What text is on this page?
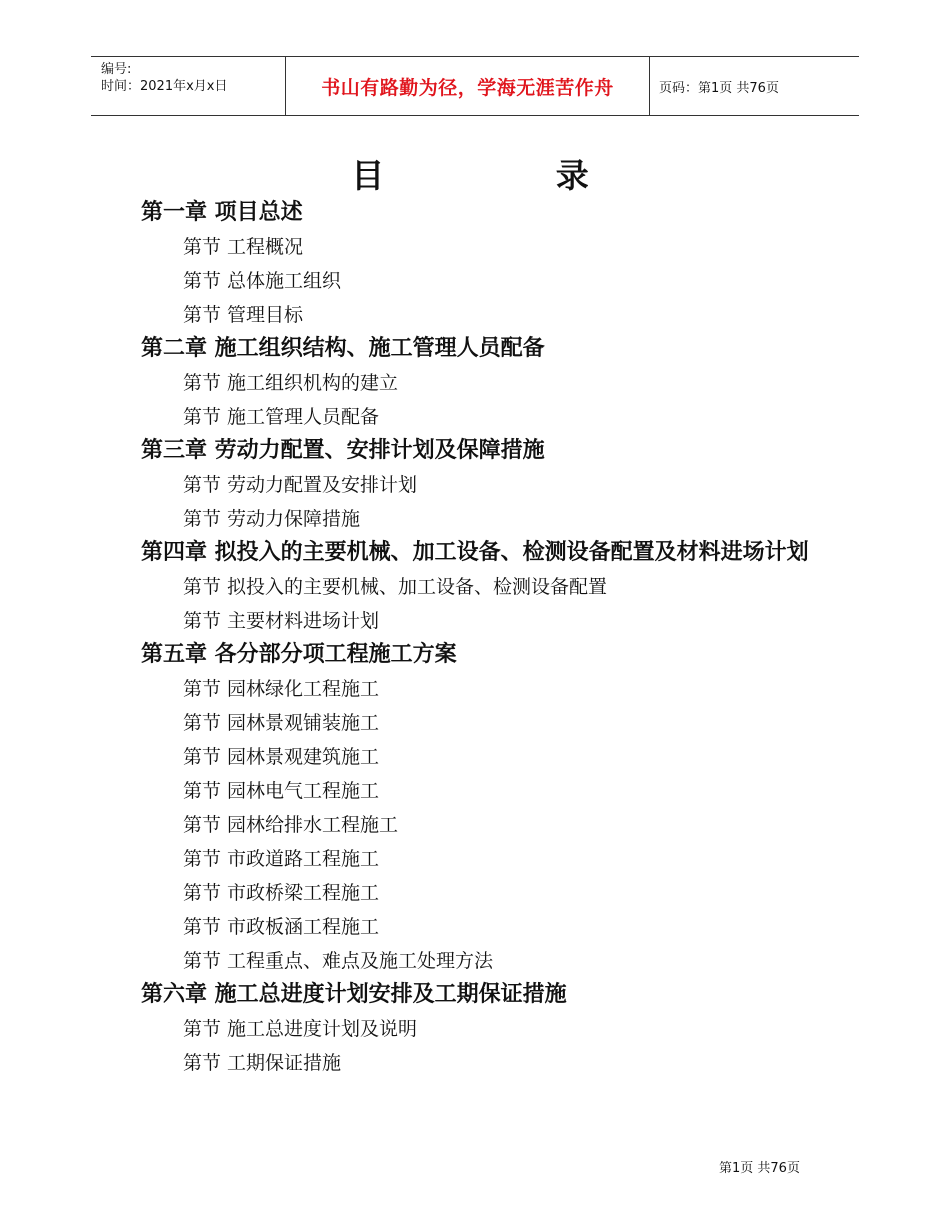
编号:
时间：2021年x月x日	书山有路勤为径，学海无涯苦作舟	页码：第1页 共76页
目 录
第一章 项目总述
第节 工程概况
第节 总体施工组织
第节 管理目标
第二章 施工组织结构、施工管理人员配备
第节 施工组织机构的建立
第节 施工管理人员配备
第三章 劳动力配置、安排计划及保障措施
第节 劳动力配置及安排计划
第节 劳动力保障措施
第四章 拟投入的主要机械、加工设备、检测设备配置及材料进场计划
第节 拟投入的主要机械、加工设备、检测设备配置
第节 主要材料进场计划
第五章 各分部分项工程施工方案
第节 园林绿化工程施工
第节 园林景观铺装施工
第节 园林景观建筑施工
第节 园林电气工程施工
第节 园林给排水工程施工
第节 市政道路工程施工
第节 市政桥梁工程施工
第节 市政板涵工程施工
第节 工程重点、难点及施工处理方法
第六章 施工总进度计划安排及工期保证措施
第节 施工总进度计划及说明
第节 工期保证措施
第1页 共76页
